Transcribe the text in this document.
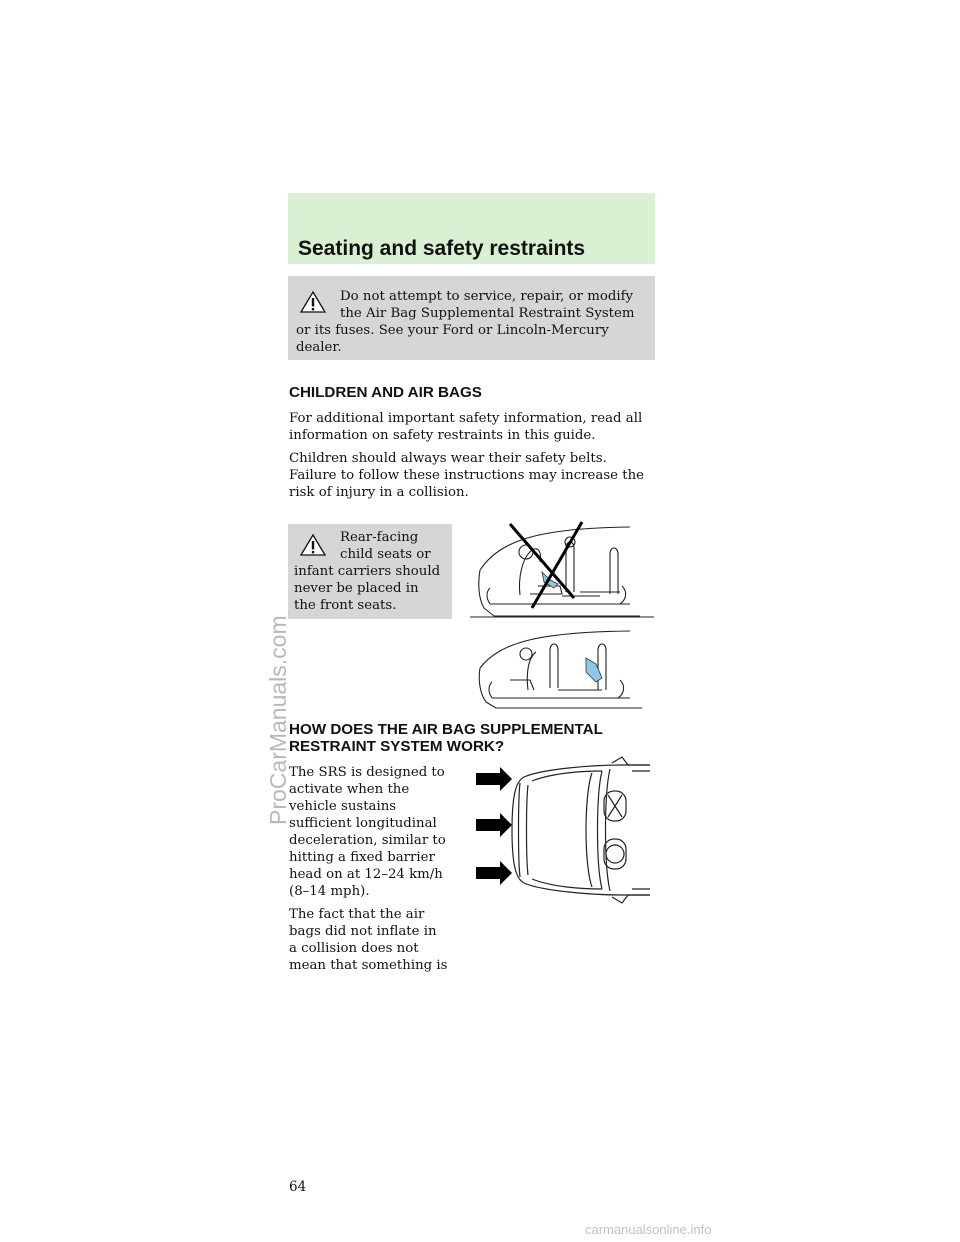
Seating and safety restraints
Do not attempt to service, repair, or modify
the Air Bag Supplemental Restraint System
or its fuses. See your Ford or Lincoln-Mercury
dealer.
CHILDREN AND AIR BAGS
For additional important safety information, read all
information on safety restraints in this guide.
Children should always wear their safety belts.
Failure to follow these instructions may increase the
risk of injury in a collision.
Rear-facing
child seats or
infant carriers should
never be placed in
the front seats.
HOW DOES THE AIR BAG SUPPLEMENTAL
RESTRAINT SYSTEM WORK?
The SRS is designed to
activate when the
vehicle sustains
sufficient longitudinal
deceleration, similar to
hitting a fixed barrier
head on at 12–24 km/h
(8–14 mph).
The fact that the air
bags did not inflate in
a collision does not
mean that something is
64
ProCarManuals.com
carmanualsonline.info
